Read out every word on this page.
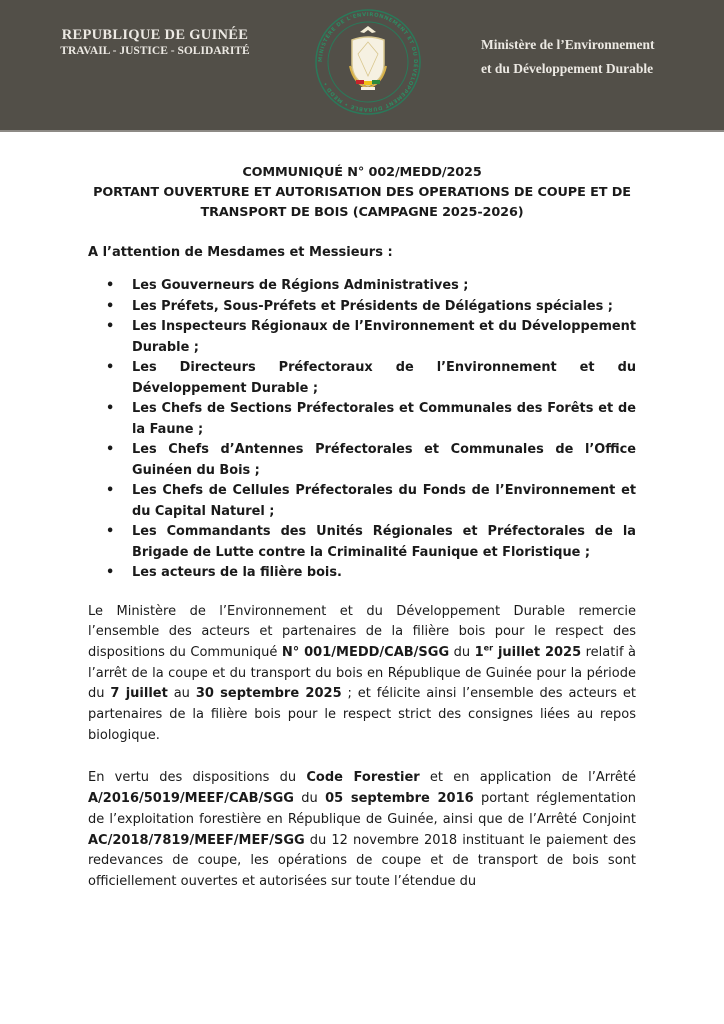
REPUBLIQUE DE GUINÉE
TRAVAIL - JUSTICE - SOLIDARITÉ
MINISTÈRE DE L'ENVIRONNEMENT ET DU DÉVELOPPEMENT DURABLE • MEDD •
Ministère de l’Environnement
et du Développement Durable
COMMUNIQUÉ N° 002/MEDD/2025
PORTANT OUVERTURE ET AUTORISATION DES OPERATIONS DE COUPE ET DE
TRANSPORT DE BOIS (CAMPAGNE 2025-2026)
A l’attention de Mesdames et Messieurs :
• Les Gouverneurs de Régions Administratives ;
• Les Préfets, Sous-Préfets et Présidents de Délégations spéciales ;
• Les Inspecteurs Régionaux de l’Environnement et du Développement Durable ;
• Les Directeurs Préfectoraux de l’Environnement et du Développement Durable ;
• Les Chefs de Sections Préfectorales et Communales des Forêts et de la Faune ;
• Les Chefs d’Antennes Préfectorales et Communales de l’Office Guinéen du Bois ;
• Les Chefs de Cellules Préfectorales du Fonds de l’Environnement et du Capital Naturel ;
• Les Commandants des Unités Régionales et Préfectorales de la Brigade de Lutte contre la Criminalité Faunique et Floristique ;
• Les acteurs de la filière bois.

Le Ministère de l’Environnement et du Développement Durable remercie l’ensemble des acteurs et partenaires de la filière bois pour le respect des dispositions du Communiqué N° 001/MEDD/CAB/SGG du 1er juillet 2025 relatif à l’arrêt de la coupe et du transport du bois en République de Guinée pour la période du 7 juillet au 30 septembre 2025 ; et félicite ainsi l’ensemble des acteurs et partenaires de la filière bois pour le respect strict des consignes liées au repos biologique.

En vertu des dispositions du Code Forestier et en application de l’Arrêté A/2016/5019/MEEF/CAB/SGG du 05 septembre 2016 portant réglementation de l’exploitation forestière en République de Guinée, ainsi que de l’Arrêté Conjoint AC/2018/7819/MEEF/MEF/SGG du 12 novembre 2018 instituant le paiement des redevances de coupe, les opérations de coupe et de transport de bois sont officiellement ouvertes et autorisées sur toute l’étendue du
